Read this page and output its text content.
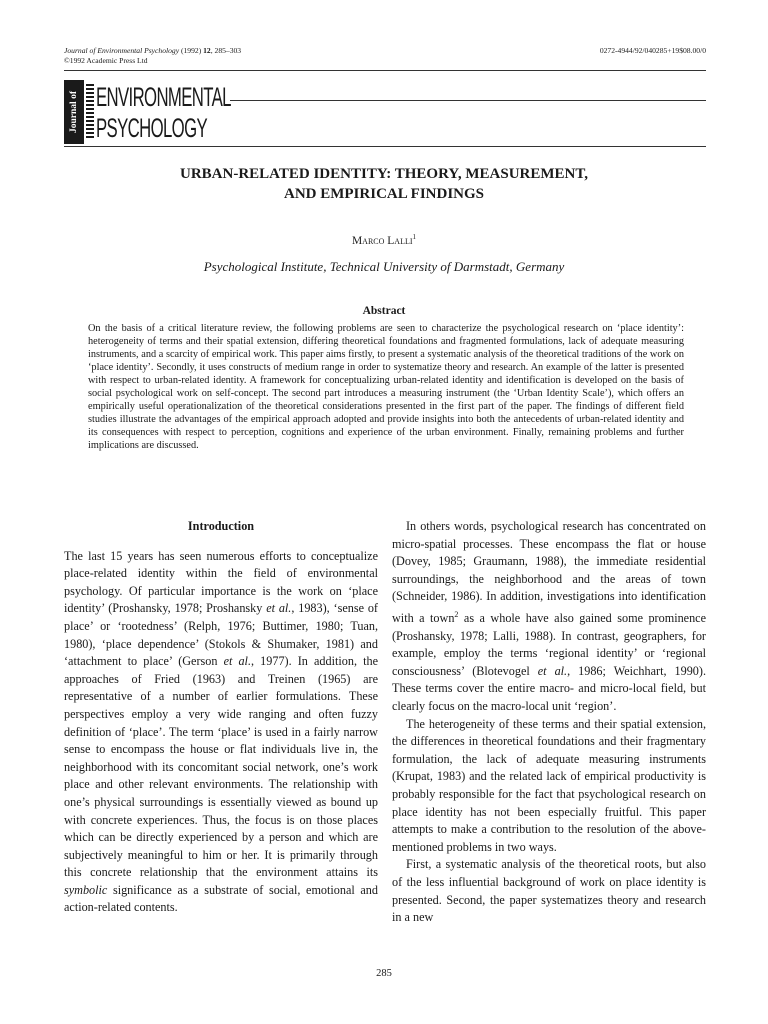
Journal of Environmental Psychology (1992) 12, 285–303
©1992 Academic Press Ltd
0272-4944/92/040285+19$08.00/0
Journal of ENVIRONMENTAL
PSYCHOLOGY
URBAN-RELATED IDENTITY: THEORY, MEASUREMENT,
AND EMPIRICAL FINDINGS
Marco Lalli$^1$
Psychological Institute, Technical University of Darmstadt, Germany
Abstract
On the basis of a critical literature review, the following problems are seen to characterize the psychological research on ‘place identity’: heterogeneity of terms and their spatial extension, differing theoretical foundations and fragmented formulations, lack of adequate measuring instruments, and a scarcity of empirical work. This paper aims firstly, to present a systematic analysis of the theoretical traditions of the work on ‘place identity’. Secondly, it uses constructs of medium range in order to systematize theory and research. An example of the latter is presented with respect to urban-related identity. A framework for conceptualizing urban-related identity and identification is developed on the basis of social psychological work on self-concept. The second part introduces a measuring instrument (the ‘Urban Identity Scale’), which offers an empirically useful operationalization of the theoretical considerations presented in the first part of the paper. The findings of different field studies illustrate the advantages of the empirical approach adopted and provide insights into both the antecedents of urban-related identity and its consequences with respect to perception, cognitions and experience of the urban environment. Finally, remaining problems and further implications are discussed.
Introduction

The last 15 years has seen numerous efforts to conceptualize place-related identity within the field of environmental psychology. Of particular importance is the work on ‘place identity’ (Proshansky, 1978; Proshansky et al., 1983), ‘sense of place’ or ‘rootedness’ (Relph, 1976; Buttimer, 1980; Tuan, 1980), ‘place dependence’ (Stokols & Shumaker, 1981) and ‘attachment to place’ (Gerson et al., 1977). In addition, the approaches of Fried (1963) and Treinen (1965) are representative of a number of earlier formulations. These perspectives employ a very wide ranging and often fuzzy definition of ‘place’. The term ‘place’ is used in a fairly narrow sense to encompass the house or flat individuals live in, the neighborhood with its concomitant social network, one’s work place and other relevant environments. The relationship with one’s physical surroundings is essentially viewed as bound up with concrete experiences. Thus, the focus is on those places which can be directly experienced by a person and which are subjectively meaningful to him or her. It is primarily through this concrete relationship that the environment attains its symbolic significance as a substrate of social, emotional and action-related contents.

In others words, psychological research has concentrated on micro-spatial processes. These encompass the flat or house (Dovey, 1985; Graumann, 1988), the immediate residential surroundings, the neighborhood and the areas of town (Schneider, 1986). In addition, investigations into identification with a town$^2$ as a whole have also gained some prominence (Proshansky, 1978; Lalli, 1988). In contrast, geographers, for example, employ the terms ‘regional identity’ or ‘regional consciousness’ (Blotevogel et al., 1986; Weichhart, 1990). These terms cover the entire macro- and micro-local field, but clearly focus on the macro-local unit ‘region’.

The heterogeneity of these terms and their spatial extension, the differences in theoretical foundations and their fragmentary formulation, the lack of adequate measuring instruments (Krupat, 1983) and the related lack of empirical productivity is probably responsible for the fact that psychological research on place identity has not been especially fruitful. This paper attempts to make a contribution to the resolution of the above-mentioned problems in two ways.

First, a systematic analysis of the theoretical roots, but also of the less influential background of work on place identity is presented. Second, the paper systematizes theory and research in a new

285
